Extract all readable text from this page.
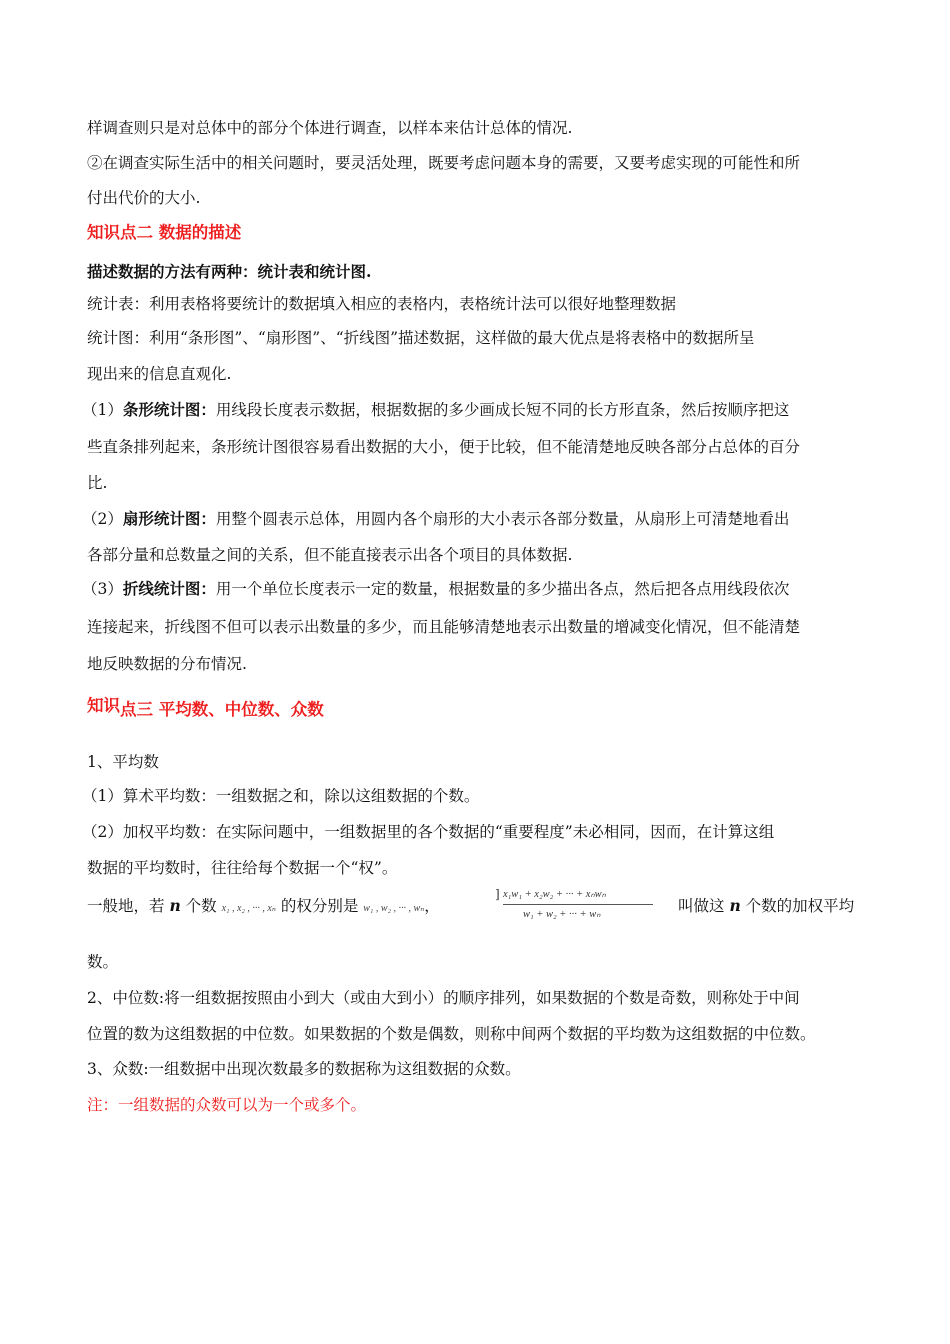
样调查则只是对总体中的部分个体进行调查，以样本来估计总体的情况.
②在调查实际生活中的相关问题时，要灵活处理，既要考虑问题本身的需要，又要考虑实现的可能性和所
付出代价的大小.
知识点二 数据的描述
描述数据的方法有两种：统计表和统计图.
统计表：利用表格将要统计的数据填入相应的表格内，表格统计法可以很好地整理数据
统计图：利用“条形图”、“扇形图”、“折线图”描述数据，这样做的最大优点是将表格中的数据所呈
现出来的信息直观化.
（1）条形统计图：用线段长度表示数据，根据数据的多少画成长短不同的长方形直条，然后按顺序把这
些直条排列起来，条形统计图很容易看出数据的大小，便于比较，但不能清楚地反映各部分占总体的百分
比.
（2）扇形统计图：用整个圆表示总体，用圆内各个扇形的大小表示各部分数量，从扇形上可清楚地看出
各部分量和总数量之间的关系，但不能直接表示出各个项目的具体数据.
（3）折线统计图：用一个单位长度表示一定的数量，根据数量的多少描出各点，然后把各点用线段依次
连接起来，折线图不但可以表示出数量的多少，而且能够清楚地表示出数量的增减变化情况，但不能清楚
地反映数据的分布情况.
知识点三 平均数、中位数、众数
1、平均数
（1）算术平均数：一组数据之和，除以这组数据的个数。
（2）加权平均数：在实际问题中，一组数据里的各个数据的“重要程度”未必相同，因而，在计算这组
数据的平均数时，往往给每个数据一个“权”。
一般地，若 n 个数 x₁ , x₂ , ··· , xₙ 的权分别是 w₁ , w₂ , ··· , wₙ，
] x₁w₁ + x₂w₂ + ··· + xₙwₙ
w₁ + w₂ + ··· + wₙ	叫做这 n 个数的加权平均
数。
2、中位数:将一组数据按照由小到大（或由大到小）的顺序排列，如果数据的个数是奇数，则称处于中间
位置的数为这组数据的中位数。如果数据的个数是偶数，则称中间两个数据的平均数为这组数据的中位数。
3、众数:一组数据中出现次数最多的数据称为这组数据的众数。
注：一组数据的众数可以为一个或多个。
